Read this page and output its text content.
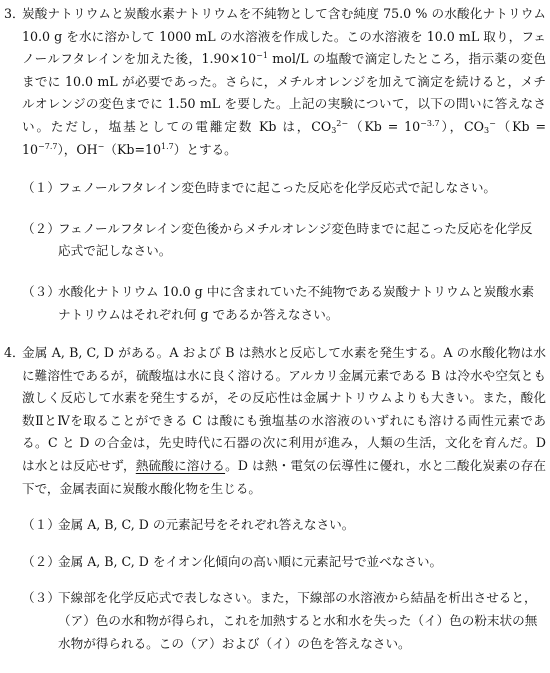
3．
炭酸ナトリウムと炭酸水素ナトリウムを不純物として含む純度 75.0 % の水酸化ナトリウム 10.0 g を水に溶かして 1000 mL の水溶液を作成した。この水溶液を 10.0 mL 取り，フェノールフタレインを加えた後，$1.90\times 10^{-1}$ mol/L の塩酸で滴定したところ，指示薬の変色までに 10.0 mL が必要であった。さらに，メチルオレンジを加えて滴定を続けると，メチルオレンジの変色までに 1.50 mL を要した。上記の実験について，以下の問いに答えなさい。ただし，塩基としての電離定数 Kb は，$CO_3^{2-}(Kb = 10^{-3.7})$，$CO_3^-(Kb = 10^{-7.7})$，$OH^-(Kb=10^{1.7})$とする。
（１）
フェノールフタレイン変色時までに起こった反応を化学反応式で記しなさい。
（２）
フェノールフタレイン変色後からメチルオレンジ変色時までに起こった反応を化学反応式で記しなさい。
（３）
水酸化ナトリウム 10.0 g 中に含まれていた不純物である炭酸ナトリウムと炭酸水素ナトリウムはそれぞれ何 g であるか答えなさい。
4．
金属 A, B, C, D がある。A および B は熱水と反応して水素を発生する。A の水酸化物は水に難溶性であるが，硫酸塩は水に良く溶ける。アルカリ金属元素である B は冷水や空気とも激しく反応して水素を発生するが，その反応性は金属ナトリウムよりも大きい。また，酸化数ⅡとⅣを取ることができる C は酸にも強塩基の水溶液のいずれにも溶ける両性元素である。C と D の合金は，先史時代に石器の次に利用が進み，人類の生活，文化を育んだ。D は水とは反応せず，熱硫酸に溶ける。D は熱・電気の伝導性に優れ，水と二酸化炭素の存在下で，金属表面に炭酸水酸化物を生じる。
（１）
金属 A, B, C, D の元素記号をそれぞれ答えなさい。
（２）
金属 A, B, C, D をイオン化傾向の高い順に元素記号で並べなさい。
（３）
下線部を化学反応式で表しなさい。また，下線部の水溶液から結晶を析出させると，（ア）色の水和物が得られ，これを加熱すると水和水を失った（イ）色の粉末状の無水物が得られる。この（ア）および（イ）の色を答えなさい。
